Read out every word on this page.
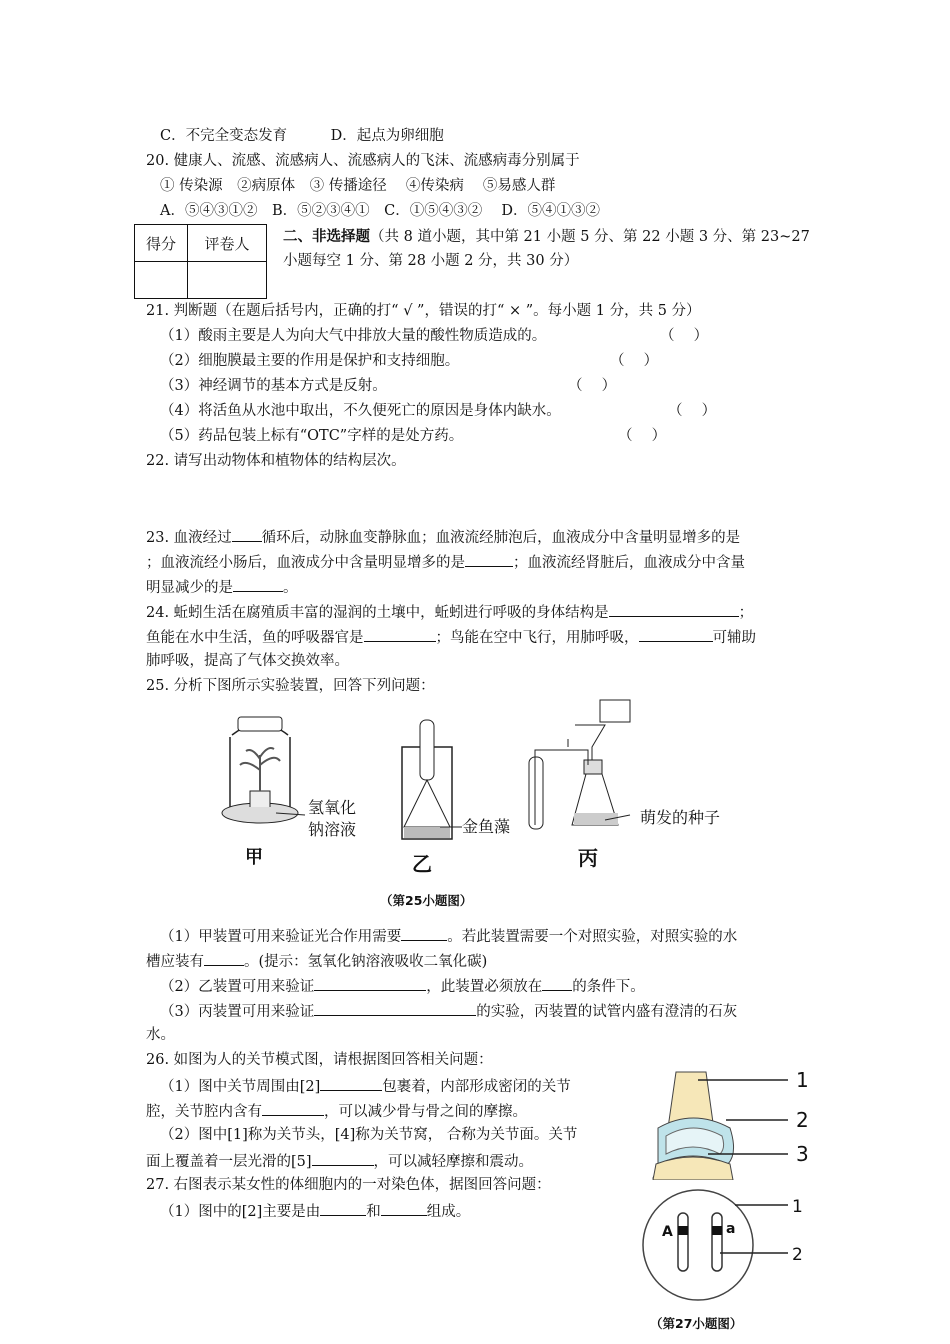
C．不完全变态发育　　　D．起点为卵细胞
20. 健康人、流感、流感病人、流感病人的飞沫、流感病毒分别属于
① 传染源　②病原体　③ 传播途径　 ④传染病　 ⑤易感人群
A．⑤④③①②　B．⑤②③④①　C．①⑤④③②　 D．⑤④①③②
得分	评卷人
	二、非选择题（共 8 道小题，其中第 21 小题 5 分、第 22 小题 3 分、第 23~27
小题每空 1 分、第 28 小题 2 分，共 30 分）
21. 判断题（在题后括号内，正确的打“ √ ”，错误的打“ × ”。每小题 1 分，共 5 分）
（1）酸雨主要是人为向大气中排放大量的酸性物质造成的。	（　 ）
（2）细胞膜最主要的作用是保护和支持细胞。	（　 ）
（3）神经调节的基本方式是反射。	（　 ）
（4）将活鱼从水池中取出，不久便死亡的原因是身体内缺水。	（　 ）
（5）药品包装上标有“OTC”字样的是处方药。	（　 ）
22. 请写出动物体和植物体的结构层次。
23. 血液经过 循环后，动脉血变静脉血；血液流经肺泡后，血液成分中含量明显增多的是
；血液流经小肠后，血液成分中含量明显增多的是	；血液流经肾脏后，血液成分中含量
明显减少的是	。
24. 蚯蚓生活在腐殖质丰富的湿润的土壤中，蚯蚓进行呼吸的身体结构是	；
鱼能在水中生活，鱼的呼吸器官是	；鸟能在空中飞行，用肺呼吸，	可辅助
肺呼吸，提高了气体交换效率。
25. 分析下图所示实验装置，回答下列问题：
氢氧化
钠溶液
甲
金鱼藻
乙
萌发的种子
丙
（第25小题图）
（1）甲装置可用来验证光合作用需要	。若此装置需要一个对照实验，对照实验的水
槽应装有	。(提示：氢氧化钠溶液吸收二氧化碳)
（2）乙装置可用来验证	，此装置必须放在 的条件下。
（3）丙装置可用来验证	的实验，丙装置的试管内盛有澄清的石灰
水。
26. 如图为人的关节模式图，请根据图回答相关问题：
（1）图中关节周围由[2]	包裹着，内部形成密闭的关节
腔，关节腔内含有	，可以减少骨与骨之间的摩擦。
（2）图中[1]称为关节头，[4]称为关节窝， 合称为关节面。关节
面上覆盖着一层光滑的[5]	，可以减轻摩擦和震动。
1
2
3
27. 右图表示某女性的体细胞内的一对染色体，据图回答问题：
（1）图中的[2]主要是由	和	组成。
A	a
1
2
（第27小题图）
